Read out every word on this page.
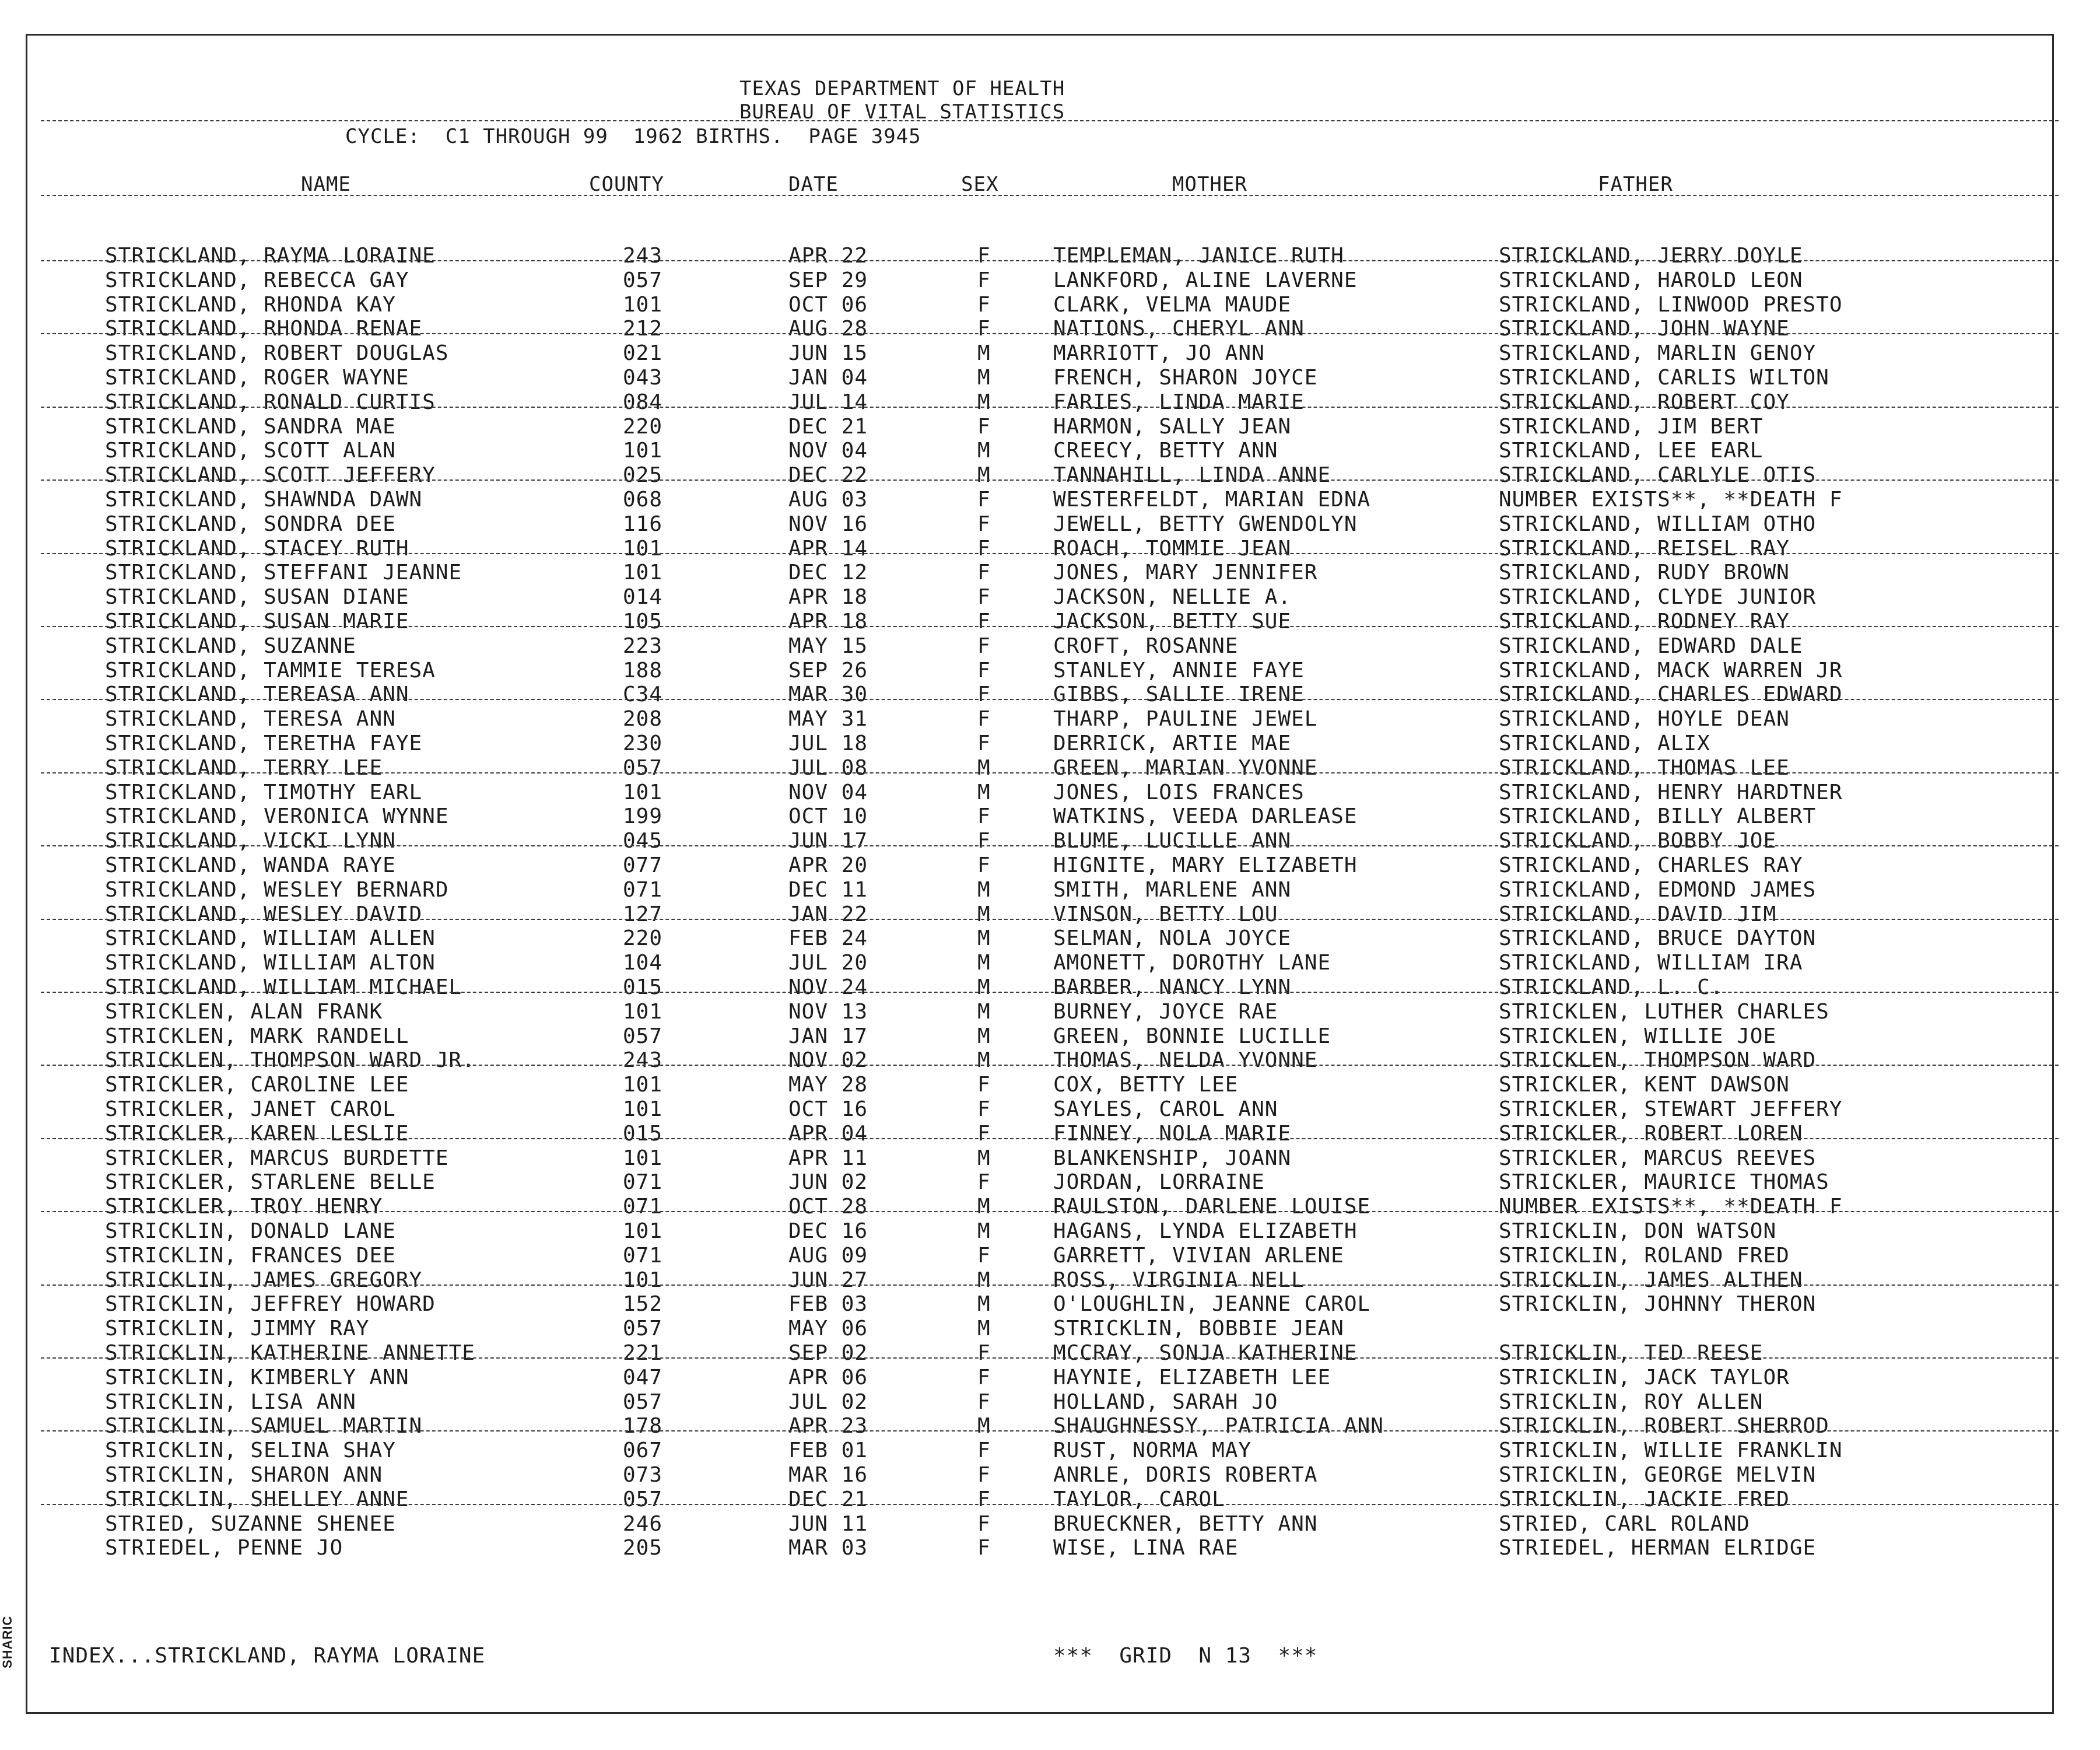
SHARIC
TEXAS DEPARTMENT OF HEALTH
BUREAU OF VITAL STATISTICS
CYCLE:  C1 THROUGH 99  1962 BIRTHS.  PAGE 3945
NAME	COUNTY	DATE	SEX	MOTHER	FATHER
STRICKLAND, RAYMA LORAINE	243	APR 22	F	TEMPLEMAN, JANICE RUTH	STRICKLAND, JERRY DOYLE
STRICKLAND, REBECCA GAY	057	SEP 29	F	LANKFORD, ALINE LAVERNE	STRICKLAND, HAROLD LEON
STRICKLAND, RHONDA KAY	101	OCT 06	F	CLARK, VELMA MAUDE	STRICKLAND, LINWOOD PRESTO
STRICKLAND, RHONDA RENAE	212	AUG 28	F	NATIONS, CHERYL ANN	STRICKLAND, JOHN WAYNE
STRICKLAND, ROBERT DOUGLAS	021	JUN 15	M	MARRIOTT, JO ANN	STRICKLAND, MARLIN GENOY
STRICKLAND, ROGER WAYNE	043	JAN 04	M	FRENCH, SHARON JOYCE	STRICKLAND, CARLIS WILTON
STRICKLAND, RONALD CURTIS	084	JUL 14	M	FARIES, LINDA MARIE	STRICKLAND, ROBERT COY
STRICKLAND, SANDRA MAE	220	DEC 21	F	HARMON, SALLY JEAN	STRICKLAND, JIM BERT
STRICKLAND, SCOTT ALAN	101	NOV 04	M	CREECY, BETTY ANN	STRICKLAND, LEE EARL
STRICKLAND, SCOTT JEFFERY	025	DEC 22	M	TANNAHILL, LINDA ANNE	STRICKLAND, CARLYLE OTIS
STRICKLAND, SHAWNDA DAWN	068	AUG 03	F	WESTERFELDT, MARIAN EDNA	NUMBER EXISTS**, **DEATH F
STRICKLAND, SONDRA DEE	116	NOV 16	F	JEWELL, BETTY GWENDOLYN	STRICKLAND, WILLIAM OTHO
STRICKLAND, STACEY RUTH	101	APR 14	F	ROACH, TOMMIE JEAN	STRICKLAND, REISEL RAY
STRICKLAND, STEFFANI JEANNE	101	DEC 12	F	JONES, MARY JENNIFER	STRICKLAND, RUDY BROWN
STRICKLAND, SUSAN DIANE	014	APR 18	F	JACKSON, NELLIE A.	STRICKLAND, CLYDE JUNIOR
STRICKLAND, SUSAN MARIE	105	APR 18	F	JACKSON, BETTY SUE	STRICKLAND, RODNEY RAY
STRICKLAND, SUZANNE	223	MAY 15	F	CROFT, ROSANNE	STRICKLAND, EDWARD DALE
STRICKLAND, TAMMIE TERESA	188	SEP 26	F	STANLEY, ANNIE FAYE	STRICKLAND, MACK WARREN JR
STRICKLAND, TEREASA ANN	C34	MAR 30	F	GIBBS, SALLIE IRENE	STRICKLAND, CHARLES EDWARD
STRICKLAND, TERESA ANN	208	MAY 31	F	THARP, PAULINE JEWEL	STRICKLAND, HOYLE DEAN
STRICKLAND, TERETHA FAYE	230	JUL 18	F	DERRICK, ARTIE MAE	STRICKLAND, ALIX
STRICKLAND, TERRY LEE	057	JUL 08	M	GREEN, MARIAN YVONNE	STRICKLAND, THOMAS LEE
STRICKLAND, TIMOTHY EARL	101	NOV 04	M	JONES, LOIS FRANCES	STRICKLAND, HENRY HARDTNER
STRICKLAND, VERONICA WYNNE	199	OCT 10	F	WATKINS, VEEDA DARLEASE	STRICKLAND, BILLY ALBERT
STRICKLAND, VICKI LYNN	045	JUN 17	F	BLUME, LUCILLE ANN	STRICKLAND, BOBBY JOE
STRICKLAND, WANDA RAYE	077	APR 20	F	HIGNITE, MARY ELIZABETH	STRICKLAND, CHARLES RAY
STRICKLAND, WESLEY BERNARD	071	DEC 11	M	SMITH, MARLENE ANN	STRICKLAND, EDMOND JAMES
STRICKLAND, WESLEY DAVID	127	JAN 22	M	VINSON, BETTY LOU	STRICKLAND, DAVID JIM
STRICKLAND, WILLIAM ALLEN	220	FEB 24	M	SELMAN, NOLA JOYCE	STRICKLAND, BRUCE DAYTON
STRICKLAND, WILLIAM ALTON	104	JUL 20	M	AMONETT, DOROTHY LANE	STRICKLAND, WILLIAM IRA
STRICKLAND, WILLIAM MICHAEL	015	NOV 24	M	BARBER, NANCY LYNN	STRICKLAND, L. C.
STRICKLEN, ALAN FRANK	101	NOV 13	M	BURNEY, JOYCE RAE	STRICKLEN, LUTHER CHARLES
STRICKLEN, MARK RANDELL	057	JAN 17	M	GREEN, BONNIE LUCILLE	STRICKLEN, WILLIE JOE
STRICKLEN, THOMPSON WARD JR.	243	NOV 02	M	THOMAS, NELDA YVONNE	STRICKLEN, THOMPSON WARD
STRICKLER, CAROLINE LEE	101	MAY 28	F	COX, BETTY LEE	STRICKLER, KENT DAWSON
STRICKLER, JANET CAROL	101	OCT 16	F	SAYLES, CAROL ANN	STRICKLER, STEWART JEFFERY
STRICKLER, KAREN LESLIE	015	APR 04	F	FINNEY, NOLA MARIE	STRICKLER, ROBERT LOREN
STRICKLER, MARCUS BURDETTE	101	APR 11	M	BLANKENSHIP, JOANN	STRICKLER, MARCUS REEVES
STRICKLER, STARLENE BELLE	071	JUN 02	F	JORDAN, LORRAINE	STRICKLER, MAURICE THOMAS
STRICKLER, TROY HENRY	071	OCT 28	M	RAULSTON, DARLENE LOUISE	NUMBER EXISTS**, **DEATH F
STRICKLIN, DONALD LANE	101	DEC 16	M	HAGANS, LYNDA ELIZABETH	STRICKLIN, DON WATSON
STRICKLIN, FRANCES DEE	071	AUG 09	F	GARRETT, VIVIAN ARLENE	STRICKLIN, ROLAND FRED
STRICKLIN, JAMES GREGORY	101	JUN 27	M	ROSS, VIRGINIA NELL	STRICKLIN, JAMES ALTHEN
STRICKLIN, JEFFREY HOWARD	152	FEB 03	M	O'LOUGHLIN, JEANNE CAROL	STRICKLIN, JOHNNY THERON
STRICKLIN, JIMMY RAY	057	MAY 06	M	STRICKLIN, BOBBIE JEAN
STRICKLIN, KATHERINE ANNETTE	221	SEP 02	F	MCCRAY, SONJA KATHERINE	STRICKLIN, TED REESE
STRICKLIN, KIMBERLY ANN	047	APR 06	F	HAYNIE, ELIZABETH LEE	STRICKLIN, JACK TAYLOR
STRICKLIN, LISA ANN	057	JUL 02	F	HOLLAND, SARAH JO	STRICKLIN, ROY ALLEN
STRICKLIN, SAMUEL MARTIN	178	APR 23	M	SHAUGHNESSY, PATRICIA ANN	STRICKLIN, ROBERT SHERROD
STRICKLIN, SELINA SHAY	067	FEB 01	F	RUST, NORMA MAY	STRICKLIN, WILLIE FRANKLIN
STRICKLIN, SHARON ANN	073	MAR 16	F	ANRLE, DORIS ROBERTA	STRICKLIN, GEORGE MELVIN
STRICKLIN, SHELLEY ANNE	057	DEC 21	F	TAYLOR, CAROL	STRICKLIN, JACKIE FRED
STRIED, SUZANNE SHENEE	246	JUN 11	F	BRUECKNER, BETTY ANN	STRIED, CARL ROLAND
STRIEDEL, PENNE JO	205	MAR 03	F	WISE, LINA RAE	STRIEDEL, HERMAN ELRIDGE
INDEX...STRICKLAND, RAYMA LORAINE	***  GRID  N 13  ***
